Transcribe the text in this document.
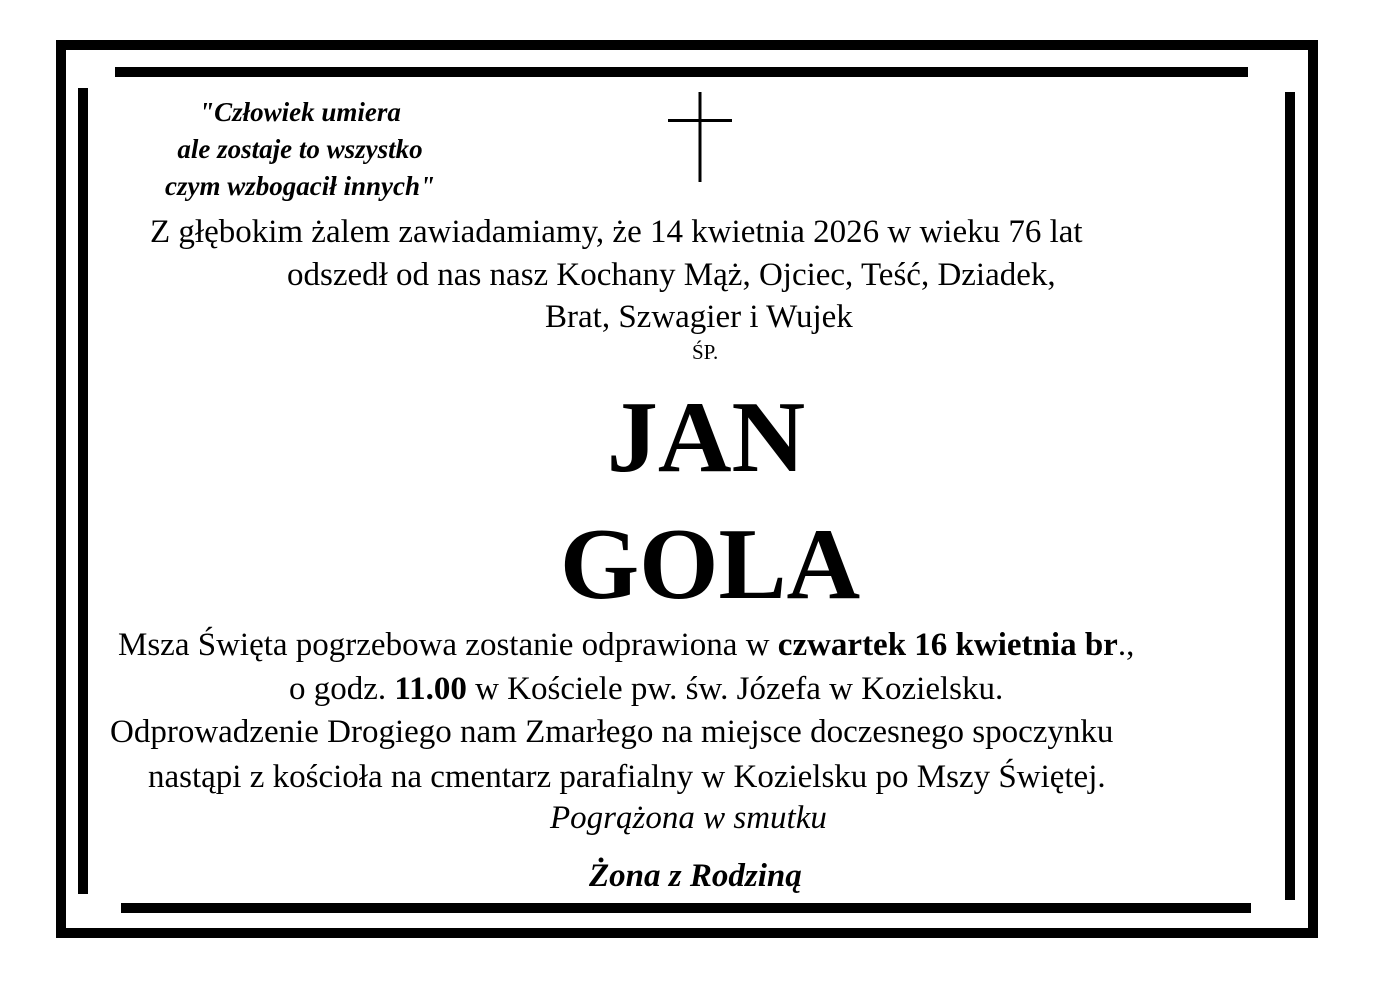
"Człowiek umiera
ale zostaje to wszystko
czym wzbogacił innych"
Z głębokim żalem zawiadamiamy, że 14 kwietnia 2026 w wieku 76 lat
odszedł od nas nasz Kochany Mąż, Ojciec, Teść, Dziadek,
Brat, Szwagier i Wujek
ŚP.
JAN
GOLA
Msza Święta pogrzebowa zostanie odprawiona w czwartek 16 kwietnia br.,
o godz. 11.00 w Kościele pw. św. Józefa w Kozielsku.
Odprowadzenie Drogiego nam Zmarłego na miejsce doczesnego spoczynku
nastąpi z kościoła na cmentarz parafialny w Kozielsku po Mszy Świętej.
Pogrążona w smutku
Żona z Rodziną
